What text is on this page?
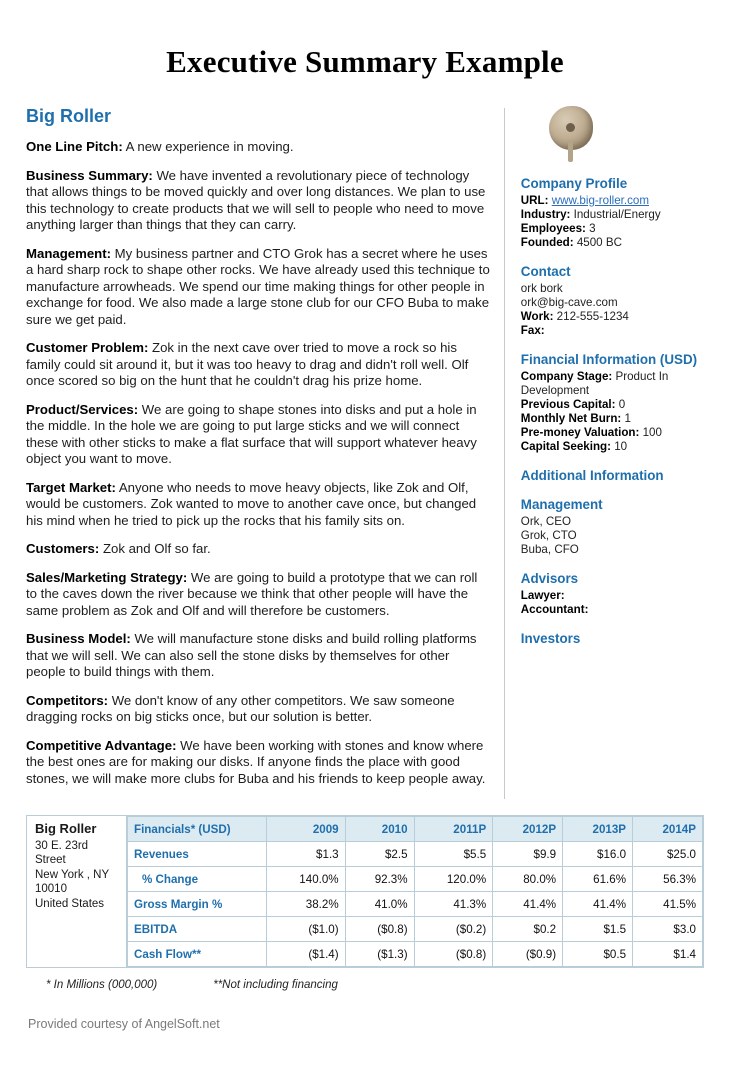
Executive Summary Example
Big Roller

One Line Pitch: A new experience in moving.

Business Summary: We have invented a revolutionary piece of technology that allows things to be moved quickly and over long distances. We plan to use this technology to create products that we will sell to people who need to move anything larger than things that they can carry.

Management: My business partner and CTO Grok has a secret where he uses a hard sharp rock to shape other rocks. We have already used this technique to manufacture arrowheads. We spend our time making things for other people in exchange for food. We also made a large stone club for our CFO Buba to make sure we get paid.

Customer Problem: Zok in the next cave over tried to move a rock so his family could sit around it, but it was too heavy to drag and didn't roll well. Olf once scored so big on the hunt that he couldn't drag his prize home.

Product/Services: We are going to shape stones into disks and put a hole in the middle. In the hole we are going to put large sticks and we will connect these with other sticks to make a flat surface that will support whatever heavy object you want to move.

Target Market: Anyone who needs to move heavy objects, like Zok and Olf, would be customers. Zok wanted to move to another cave once, but changed his mind when he tried to pick up the rocks that his family sits on.

Customers: Zok and Olf so far.

Sales/Marketing Strategy: We are going to build a prototype that we can roll to the caves down the river because we think that other people will have the same problem as Zok and Olf and will therefore be customers.

Business Model: We will manufacture stone disks and build rolling platforms that we will sell. We can also sell the stone disks by themselves for other people to build things with them.

Competitors: We don't know of any other competitors. We saw someone dragging rocks on big sticks once, but our solution is better.

Competitive Advantage: We have been working with stones and know where the best ones are for making our disks. If anyone finds the place with good stones, we will make more clubs for Buba and his friends to keep people away.

Company Profile

URL: www.big-roller.com

Industry: Industrial/Energy

Employees: 3

Founded: 4500 BC

Contact

ork bork

ork@big-cave.com

Work: 212-555-1234

Fax:

Financial Information (USD)

Company Stage: Product In Development

Previous Capital: 0

Monthly Net Burn: 1

Pre-money Valuation: 100

Capital Seeking: 10

Additional Information
Management

Ork, CEO

Grok, CTO

Buba, CFO

Advisors

Lawyer:

Accountant:

Investors
Big Roller
30 E. 23rd Street
New York , NY
10010
United States
Financials* (USD)	2009	2010	2011P	2012P	2013P	2014P
Revenues	$1.3	$2.5	$5.5	$9.9	$16.0	$25.0
% Change	140.0%	92.3%	120.0%	80.0%	61.6%	56.3%
Gross Margin %	38.2%	41.0%	41.3%	41.4%	41.4%	41.5%
EBITDA	($1.0)	($0.8)	($0.2)	$0.2	$1.5	$3.0
Cash Flow**	($1.4)	($1.3)	($0.8)	($0.9)	$0.5	$1.4
* In Millions (000,000)	**Not including financing
Provided courtesy of AngelSoft.net
